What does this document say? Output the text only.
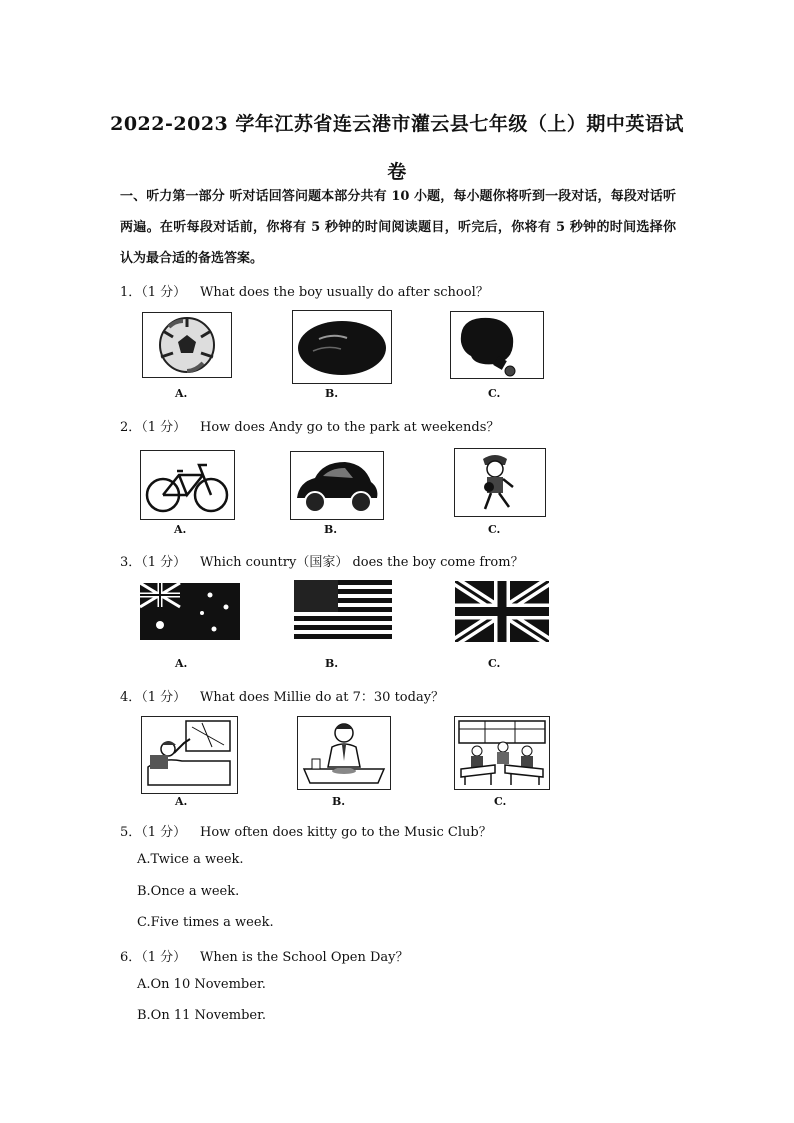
2022-2023 学年江苏省连云港市灌云县七年级（上）期中英语试
卷
一、听力第一部分 听对话回答问题本部分共有 10 小题，每小题你将听到一段对话，每段对话听两遍。在听每段对话前，你将有 5 秒钟的时间阅读题目，听完后，你将有 5 秒钟的时间选择你认为最合适的备选答案。
1．（1 分） What does the boy usually do after school？
A.	B.	C.
2．（1 分） How does Andy go to the park at weekends？
A.	B.	C.
3．（1 分） Which country（国家） does the boy come from？
A.	B.	C.
4．（1 分） What does Millie do at 7：30 today？
A.	B.	C.
5．（1 分） How often does kitty go to the Music Club？
A.Twice a week.
B.Once a week.
C.Five times a week.
6．（1 分） When is the School Open Day？
A.On 10 November.
B.On 11 November.
